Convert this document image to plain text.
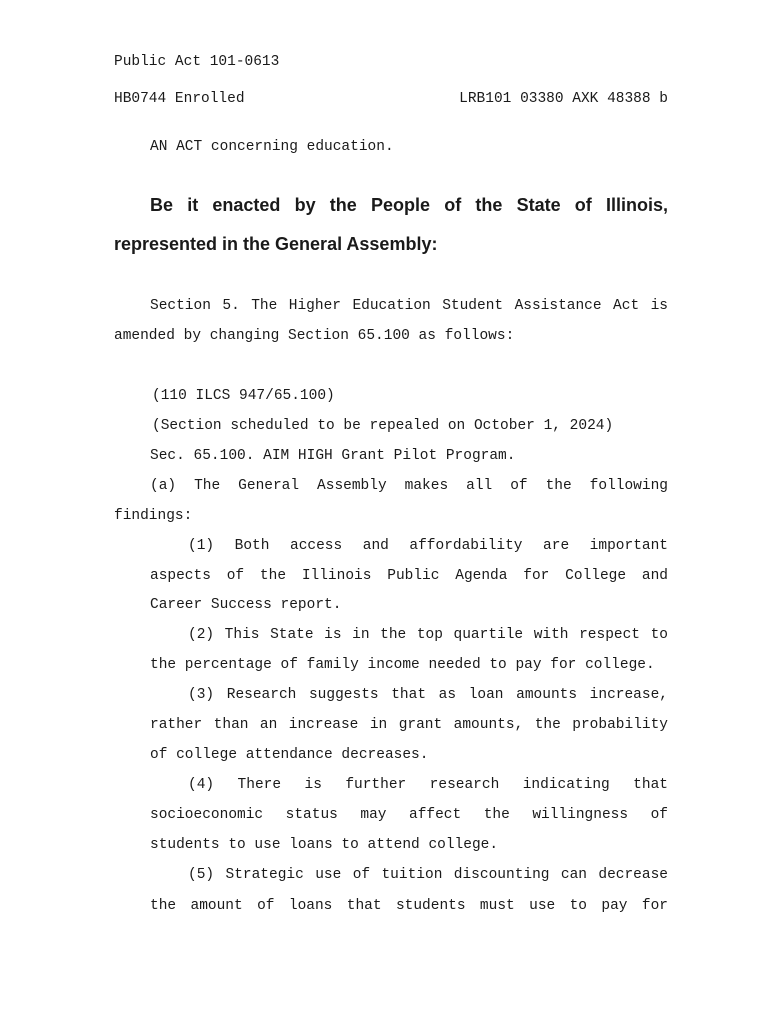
Public Act 101-0613
HB0744 Enrolled	LRB101 03380 AXK 48388 b
AN ACT concerning education.
Be it enacted by the People of the State of Illinois,
represented in the General Assembly:
Section 5. The Higher Education Student Assistance Act is
amended by changing Section 65.100 as follows:
(110 ILCS 947/65.100)
(Section scheduled to be repealed on October 1, 2024)
Sec. 65.100. AIM HIGH Grant Pilot Program.
(a) The General Assembly makes all of the following
findings:
(1) Both access and affordability are important
aspects of the Illinois Public Agenda for College and
Career Success report.
(2) This State is in the top quartile with respect to
the percentage of family income needed to pay for college.
(3) Research suggests that as loan amounts increase,
rather than an increase in grant amounts, the probability
of college attendance decreases.
(4) There is further research indicating that
socioeconomic status may affect the willingness of
students to use loans to attend college.
(5) Strategic use of tuition discounting can decrease
the amount of loans that students must use to pay for
